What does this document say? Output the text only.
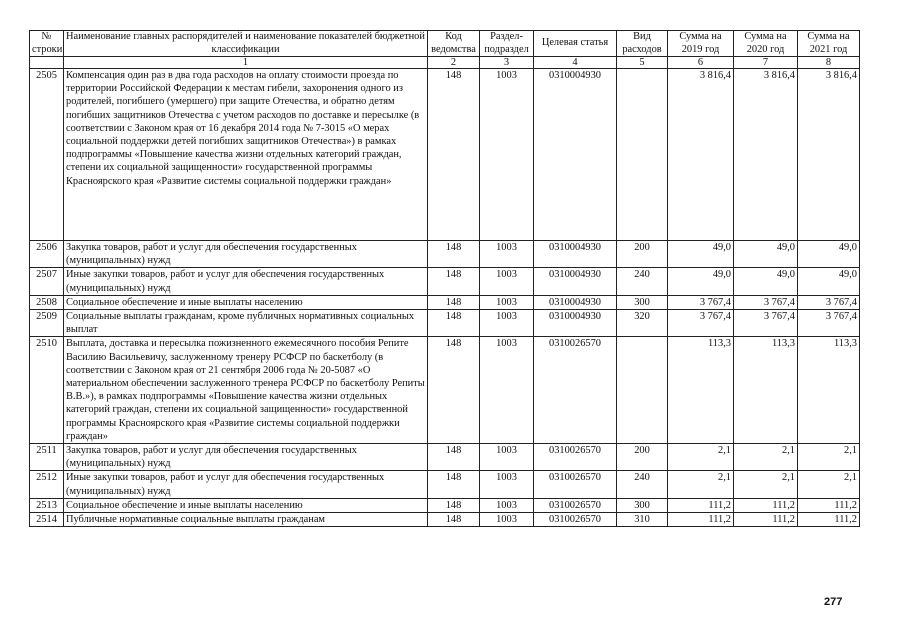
№ строки	Наименование главных распорядителей и наименование показателей бюджетной классификации	Код ведомства	Раздел-подраздел	Целевая статья	Вид расходов	Сумма на 2019 год	Сумма на 2020 год	Сумма на 2021 год
	1	2	3	4	5	6	7	8
2505	Компенсация один раз в два года расходов на оплату стоимости проезда по территории Российской Федерации к местам гибели, захоронения одного из родителей, погибшего (умершего) при защите Отечества, и обратно детям погибших защитников Отечества с учетом расходов по доставке и пересылке (в соответствии с Законом края от 16 декабря 2014 года № 7-3015 «О мерах социальной поддержки детей погибших защитников Отечества») в рамках подпрограммы «Повышение качества жизни отдельных категорий граждан, степени их социальной защищенности» государственной программы Красноярского края «Развитие системы социальной поддержки граждан»	148	1003	0310004930		3 816,4	3 816,4	3 816,4
2506	Закупка товаров, работ и услуг для обеспечения государственных (муниципальных) нужд	148	1003	0310004930	200	49,0	49,0	49,0
2507	Иные закупки товаров, работ и услуг для обеспечения государственных (муниципальных) нужд	148	1003	0310004930	240	49,0	49,0	49,0
2508	Социальное обеспечение и иные выплаты населению	148	1003	0310004930	300	3 767,4	3 767,4	3 767,4
2509	Социальные выплаты гражданам, кроме публичных нормативных социальных выплат	148	1003	0310004930	320	3 767,4	3 767,4	3 767,4
2510	Выплата, доставка и пересылка пожизненного ежемесячного пособия Репите Василию Васильевичу, заслуженному тренеру РСФСР по баскетболу (в соответствии с Законом края от 21 сентября 2006 года № 20-5087 «О материальном обеспечении заслуженного тренера РСФСР по баскетболу Репиты В.В.»), в рамках подпрограммы «Повышение качества жизни отдельных категорий граждан, степени их социальной защищенности» государственной программы Красноярского края «Развитие системы социальной поддержки граждан»	148	1003	0310026570		113,3	113,3	113,3
2511	Закупка товаров, работ и услуг для обеспечения государственных (муниципальных) нужд	148	1003	0310026570	200	2,1	2,1	2,1
2512	Иные закупки товаров, работ и услуг для обеспечения государственных (муниципальных) нужд	148	1003	0310026570	240	2,1	2,1	2,1
2513	Социальное обеспечение и иные выплаты населению	148	1003	0310026570	300	111,2	111,2	111,2
2514	Публичные нормативные социальные выплаты гражданам	148	1003	0310026570	310	111,2	111,2	111,2
277
